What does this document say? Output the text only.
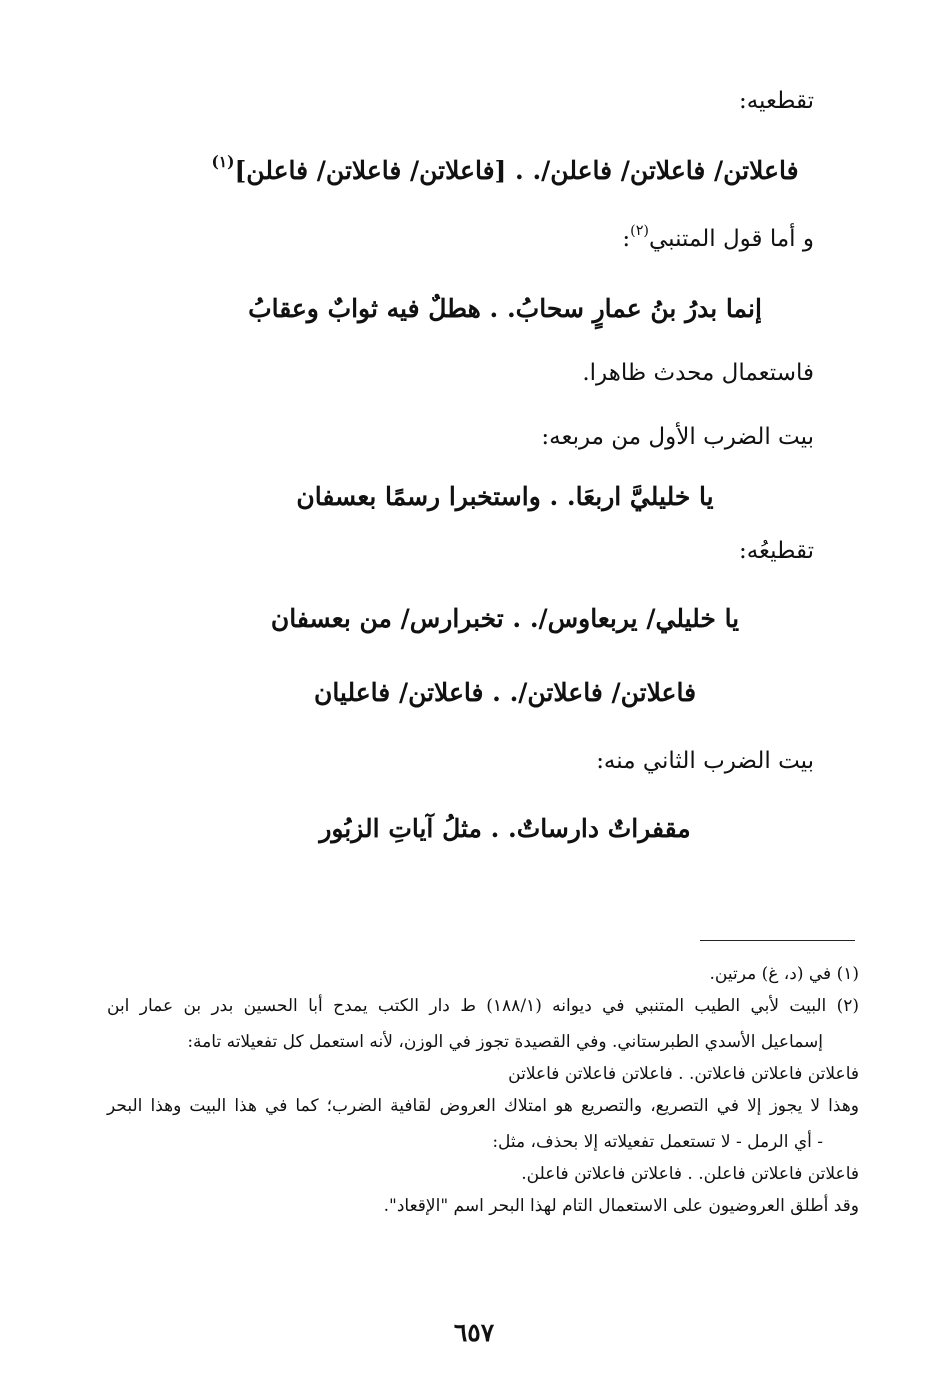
تقطعيه:
فاعلاتن/ فاعلاتن/ فاعلن/. . [فاعلاتن/ فاعلاتن/ فاعلن]$^{(١)}$
و أما قول المتنبي$^{(٢)}$:
إنما بدرُ بنُ عمارٍ سحابُ. . هطلٌ فيه ثوابٌ وعقابُ
فاستعمال محدث ظاهرا.
بيت الضرب الأول من مربعه:
يا خليليَّ اربعَا. . واستخبرا رسمًا بعسفان
تقطيعُه:
يا خليلي/ يربعاوس/. . تخبرارس/ من بعسفان
فاعلاتن/ فاعلاتن/. . فاعلاتن/ فاعليان
بيت الضرب الثاني منه:
مقفراتٌ دارساتٌ. . مثلُ آياتِ الزبُور
(١) في (د، غ) مرتين.
(٢) البيت لأبي الطيب المتنبي في ديوانه (١٨٨/١) ط دار الكتب يمدح أبا الحسين بدر بن عمار ابن
إسماعيل الأسدي الطبرستاني. وفي القصيدة تجوز في الوزن، لأنه استعمل كل تفعيلاته تامة:
فاعلاتن فاعلاتن فاعلاتن. . فاعلاتن فاعلاتن فاعلاتن
وهذا لا يجوز إلا في التصريع، والتصريع هو امتلاك العروض لقافية الضرب؛ كما في هذا البيت وهذا البحر
- أي الرمل - لا تستعمل تفعيلاته إلا بحذف، مثل:
فاعلاتن فاعلاتن فاعلن. . فاعلاتن فاعلاتن فاعلن.
وقد أطلق العروضيون على الاستعمال التام لهذا البحر اسم "الإقعاد".
٦٥٧
